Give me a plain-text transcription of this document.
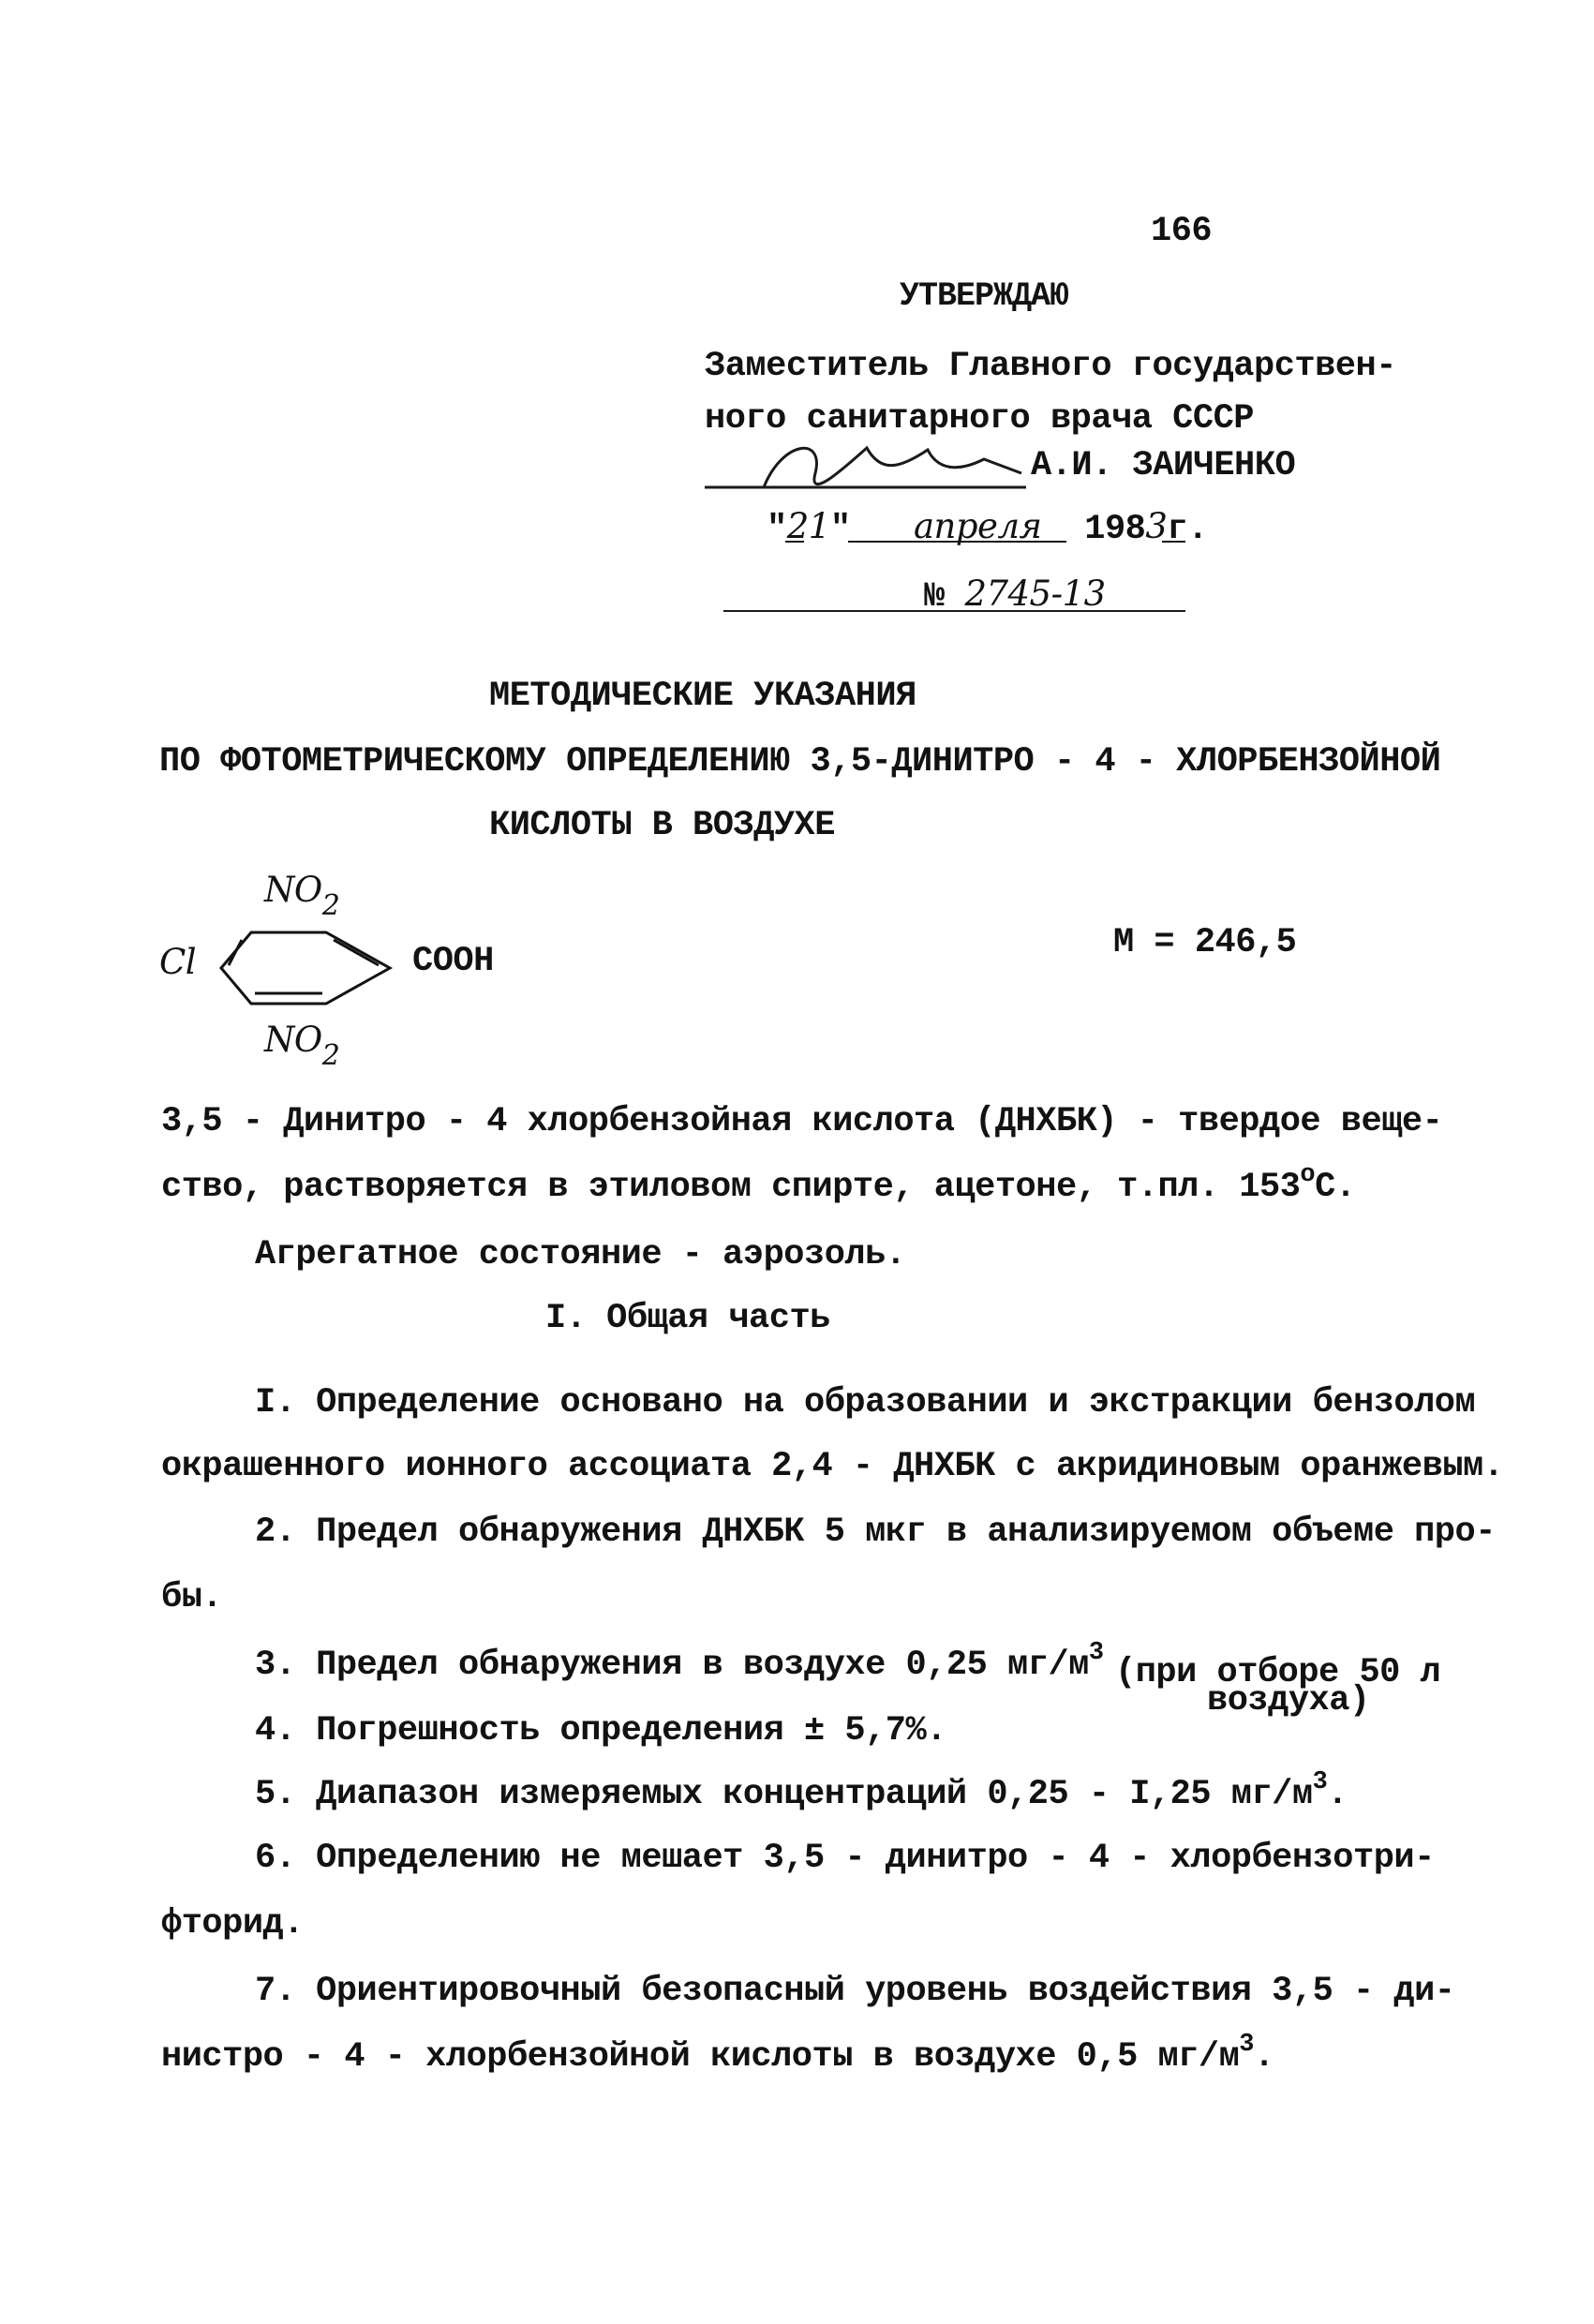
166
УТВЕРЖДАЮ
Заместитель Главного государствен-
ного санитарного врача СССР
А.И. ЗАИЧЕНКО
"21" апреля 1983г.
№ 2745-13
МЕТОДИЧЕСКИЕ УКАЗАНИЯ
ПО ФОТОМЕТРИЧЕСКОМУ ОПРЕДЕЛЕНИЮ 3,5-ДИНИТРО - 4 - ХЛОРБЕНЗОЙНОЙ
КИСЛОТЫ В ВОЗДУХЕ
$NO_2$
Cl	COOH
$NO_2$
М = 246,5
3,5 - Динитро - 4 хлорбензойная кислота (ДНХБК) - твердое веще-
ство, растворяется в этиловом спирте, ацетоне, т.пл. $153^оС$.
Агрегатное состояние - аэрозоль.
I. Общая часть
I. Определение основано на образовании и экстракции бензолом
окрашенного ионного ассоциата 2,4 - ДНХБК с акридиновым оранжевым.
2. Предел обнаружения ДНХБК 5 мкг в анализируемом объеме про-
бы.
3. Предел обнаружения в воздухе 0,25 $мг/м^3$ (при отборе 50 л
воздуха)
4. Погрешность определения ± 5,7%.
5. Диапазон измеряемых концентраций 0,25 - I,25 $мг/м^3$.
6. Определению не мешает 3,5 - динитро - 4 - хлорбензотри-
фторид.
7. Ориентировочный безопасный уровень воздействия 3,5 - ди-
нистро - 4 - хлорбензойной кислоты в воздухе 0,5 $мг/м^3$.
